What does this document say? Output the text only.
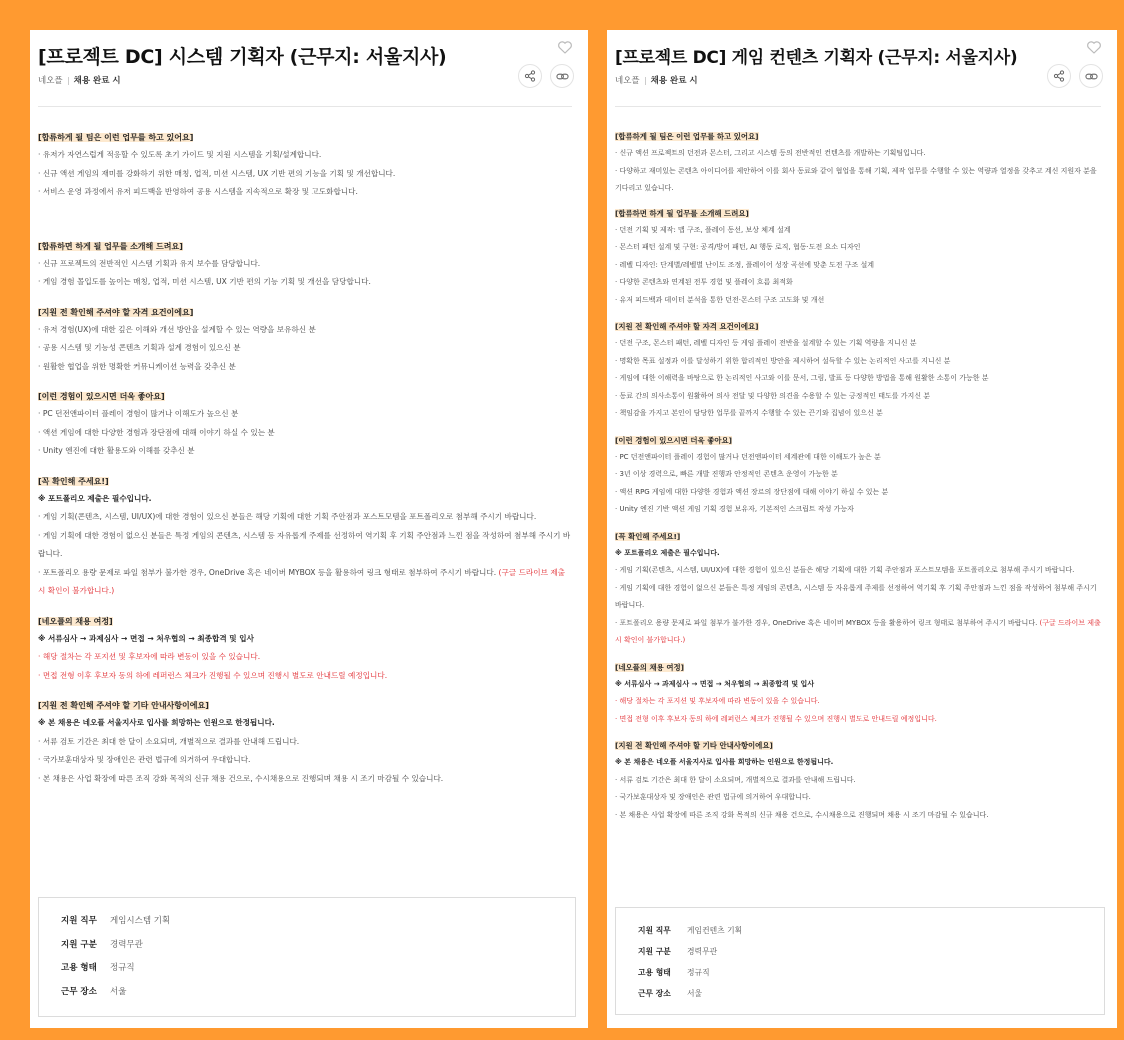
[프로젝트 DC] 시스템 기획자 (근무지: 서울지사)
네오플 채용 완료 시

[합류하게 될 팀은 이런 업무를 하고 있어요]

· 유저가 자연스럽게 적응할 수 있도록 초기 가이드 및 지원 시스템을 기획/설계합니다.
· 신규 액션 게임의 재미를 강화하기 위한 매칭, 업적, 미션 시스템, UX 기반 편의 기능을 기획 및 개선합니다.
· 서비스 운영 과정에서 유저 피드백을 반영하여 공용 시스템을 지속적으로 확장 및 고도화합니다.

[합류하면 하게 될 업무를 소개해 드려요]

· 신규 프로젝트의 전반적인 시스템 기획과 유지 보수를 담당합니다.
· 게임 경험 몰입도를 높이는 매칭, 업적, 미션 시스템, UX 기반 편의 기능 기획 및 개선을 담당합니다.

[지원 전 확인해 주셔야 할 자격 요건이에요]

· 유저 경험(UX)에 대한 깊은 이해와 개선 방안을 설계할 수 있는 역량을 보유하신 분
· 공용 시스템 및 기능성 콘텐츠 기획과 설계 경험이 있으신 분
· 원활한 협업을 위한 명확한 커뮤니케이션 능력을 갖추신 분

[이런 경험이 있으시면 더욱 좋아요]

· PC 던전앤파이터 플레이 경험이 많거나 이해도가 높으신 분
· 액션 게임에 대한 다양한 경험과 장단점에 대해 이야기 하실 수 있는 분
· Unity 엔진에 대한 활용도와 이해를 갖추신 분

[꼭 확인해 주세요!]

※ 포트폴리오 제출은 필수입니다.
· 게임 기획(콘텐츠, 시스템, UI/UX)에 대한 경험이 있으신 분들은 해당 기획에 대한 기획 주안점과 포스트모템을 포트폴리오로 첨부해 주시기 바랍니다.
· 게임 기획에 대한 경험이 없으신 분들은 특정 게임의 콘텐츠, 시스템 등 자유롭게 주제를 선정하여 역기획 후 기획 주안점과 느낀 점을 작성하여 첨부해 주시기 바랍니다.
· 포트폴리오 용량 문제로 파일 첨부가 불가한 경우, OneDrive 혹은 네이버 MYBOX 등을 활용하여 링크 형태로 첨부하여 주시기 바랍니다. (구글 드라이브 제출 시 확인이 불가합니다.)

[네오플의 채용 여정]

※ 서류심사 → 과제심사 → 면접 → 처우협의 → 최종합격 및 입사
· 해당 절차는 각 포지션 및 후보자에 따라 변동이 있을 수 있습니다.
· 면접 전형 이후 후보자 동의 하에 레퍼런스 체크가 진행될 수 있으며 진행시 별도로 안내드릴 예정입니다.

[지원 전 확인해 주셔야 할 기타 안내사항이에요]

※ 본 채용은 네오플 서울지사로 입사를 희망하는 인원으로 한정됩니다.
· 서류 검토 기간은 최대 한 달이 소요되며, 개별적으로 결과를 안내해 드립니다.
· 국가보훈대상자 및 장애인은 관련 법규에 의거하여 우대합니다.
· 본 채용은 사업 확장에 따른 조직 강화 목적의 신규 채용 건으로, 수시채용으로 진행되며 채용 시 조기 마감될 수 있습니다.
지원 직무 게임시스템 기획
지원 구분 경력무관
고용 형태 정규직
근무 장소 서울
[프로젝트 DC] 게임 컨텐츠 기획자 (근무지: 서울지사)
네오플 채용 완료 시

[합류하게 될 팀은 이런 업무를 하고 있어요]

· 신규 액션 프로젝트의 던전과 몬스터, 그리고 시스템 등의 전반적인 컨텐츠를 개발하는 기획팀입니다.
· 다양하고 재미있는 콘텐츠 아이디어를 제안하여 이를 회사 동료와 같이 협업을 통해 기획, 제작 업무를 수행할 수 있는 역량과 열정을 갖추고 계신 지원자 분을 기다리고 있습니다.

[합류하면 하게 될 업무를 소개해 드려요]

· 던전 기획 및 제작: 맵 구조, 플레이 동선, 보상 체계 설계
· 몬스터 패턴 설계 및 구현: 공격/방어 패턴, AI 행동 로직, 협동·도전 요소 디자인
· 레벨 디자인: 단계별/레벨별 난이도 조정, 플레이어 성장 곡선에 맞춘 도전 구조 설계
· 다양한 콘텐츠와 연계된 전투 경험 및 플레이 흐름 최적화
· 유저 피드백과 데이터 분석을 통한 던전·몬스터 구조 고도화 및 개선

[지원 전 확인해 주셔야 할 자격 요건이에요]

· 던전 구조, 몬스터 패턴, 레벨 디자인 등 게임 플레이 전반을 설계할 수 있는 기획 역량을 지니신 분
· 명확한 목표 설정과 이를 달성하기 위한 합리적인 방안을 제시하여 설득할 수 있는 논리적인 사고를 지니신 분
· 게임에 대한 이해력을 바탕으로 한 논리적인 사고와 이를 문서, 그림, 발표 등 다양한 방법을 통해 원활한 소통이 가능한 분
· 동료 간의 의사소통이 원활하여 의사 전달 및 다양한 의견을 수용할 수 있는 긍정적인 태도를 가지신 분
· 책임감을 가지고 본인이 담당한 업무를 끝까지 수행할 수 있는 끈기와 집념이 있으신 분

[이런 경험이 있으시면 더욱 좋아요]

· PC 던전앤파이터 플레이 경험이 많거나 던전앤파이터 세계관에 대한 이해도가 높은 분
· 3년 이상 경력으로, 빠른 개발 진행과 안정적인 콘텐츠 운영이 가능한 분
· 액션 RPG 게임에 대한 다양한 경험과 액션 장르의 장단점에 대해 이야기 하실 수 있는 분
· Unity 엔진 기반 액션 게임 기획 경험 보유자, 기본적인 스크립트 작성 가능자

[꼭 확인해 주세요!]

※ 포트폴리오 제출은 필수입니다.
· 게임 기획(콘텐츠, 시스템, UI/UX)에 대한 경험이 있으신 분들은 해당 기획에 대한 기획 주안점과 포스트모템을 포트폴리오로 첨부해 주시기 바랍니다.
· 게임 기획에 대한 경험이 없으신 분들은 특정 게임의 콘텐츠, 시스템 등 자유롭게 주제를 선정하여 역기획 후 기획 주안점과 느낀 점을 작성하여 첨부해 주시기 바랍니다.
· 포트폴리오 용량 문제로 파일 첨부가 불가한 경우, OneDrive 혹은 네이버 MYBOX 등을 활용하여 링크 형태로 첨부하여 주시기 바랍니다. (구글 드라이브 제출 시 확인이 불가합니다.)

[네오플의 채용 여정]

※ 서류심사 → 과제심사 → 면접 → 처우협의 → 최종합격 및 입사
· 해당 절차는 각 포지션 및 후보자에 따라 변동이 있을 수 있습니다.
· 면접 전형 이후 후보자 동의 하에 레퍼런스 체크가 진행될 수 있으며 진행시 별도로 안내드릴 예정입니다.

[지원 전 확인해 주셔야 할 기타 안내사항이에요]

※ 본 채용은 네오플 서울지사로 입사를 희망하는 인원으로 한정됩니다.
· 서류 검토 기간은 최대 한 달이 소요되며, 개별적으로 결과를 안내해 드립니다.
· 국가보훈대상자 및 장애인은 관련 법규에 의거하여 우대합니다.
· 본 채용은 사업 확장에 따른 조직 강화 목적의 신규 채용 건으로, 수시채용으로 진행되며 채용 시 조기 마감될 수 있습니다.
지원 직무 게임컨텐츠 기획
지원 구분 경력무관
고용 형태 정규직
근무 장소 서울
